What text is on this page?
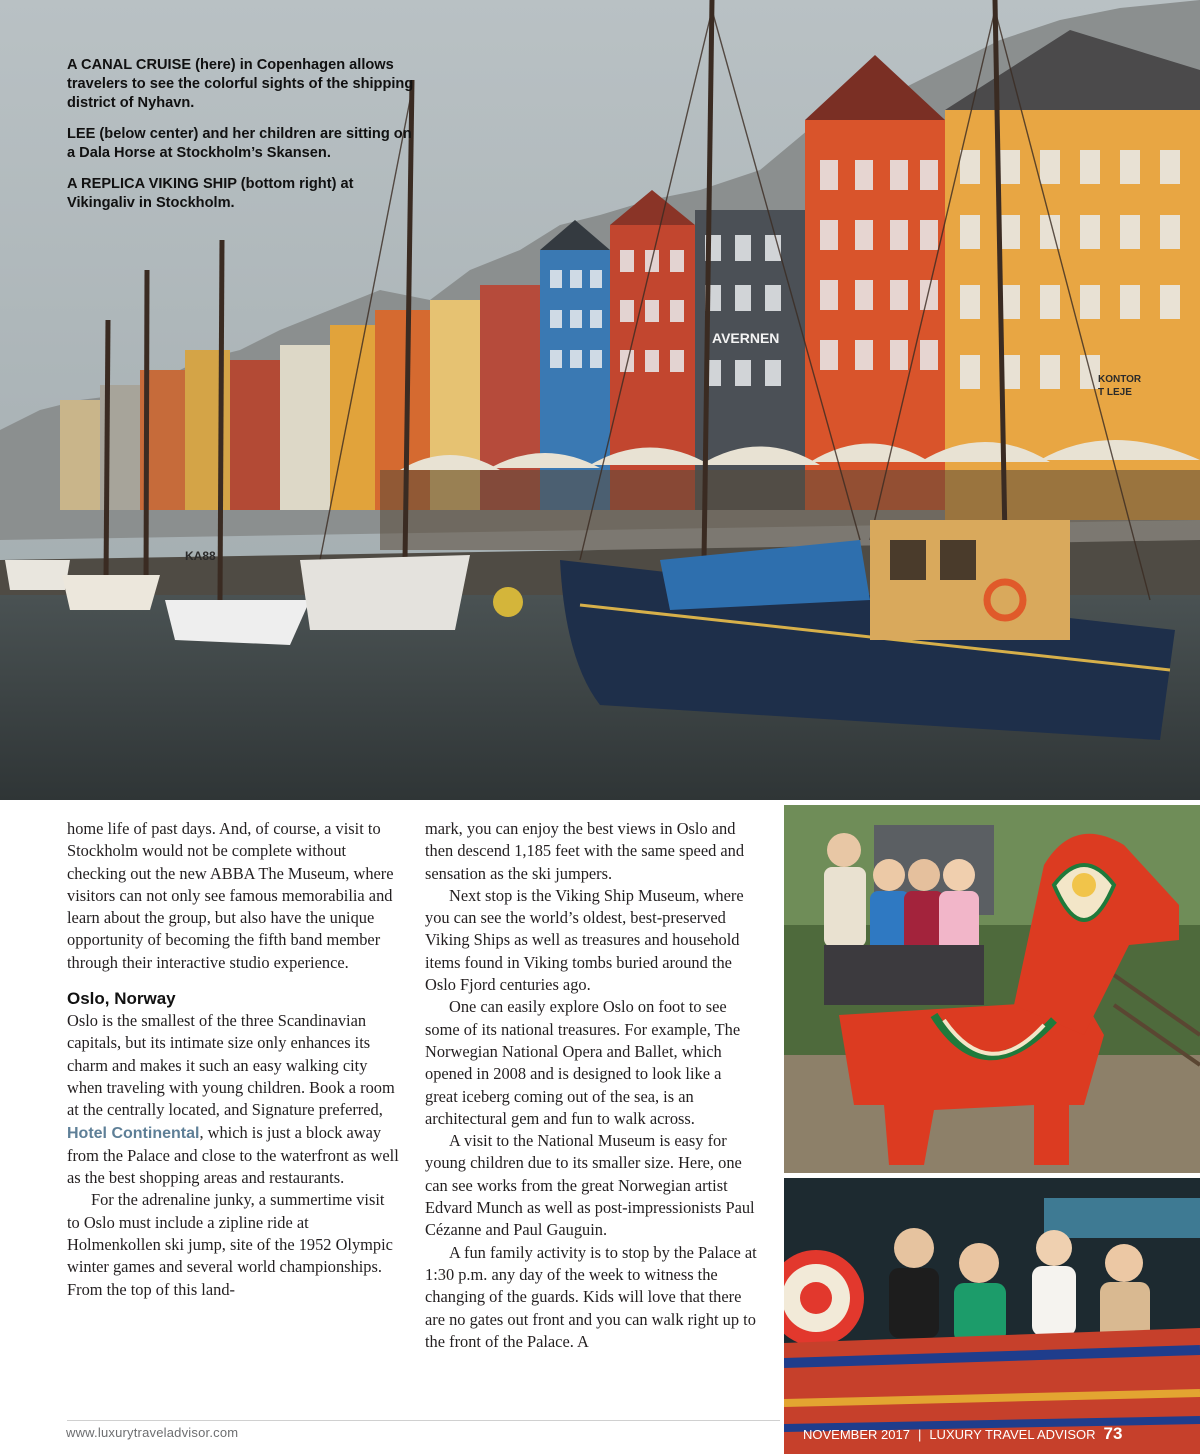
AVERNEN
KONTOR
T LEJE
KA88

A CANAL CRUISE (here) in Copenhagen allows travelers to see the colorful sights of the shipping district of Nyhavn.

LEE (below center) and her children are sitting on a Dala Horse at Stockholm’s Skansen.

A REPLICA VIKING SHIP (bottom right) at Vikingaliv in Stockholm.

home life of past days. And, of course, a visit to Stockholm would not be complete without checking out the new ABBA The Museum, where visitors can not only see famous memorabilia and learn about the group, but also have the unique opportunity of becoming the fifth band member through their interactive studio experience.

Oslo, Norway

Oslo is the smallest of the three Scandinavian capitals, but its intimate size only enhances its charm and makes it such an easy walking city when traveling with young children. Book a room at the centrally located, and Signature preferred, Hotel Continental, which is just a block away from the Palace and close to the waterfront as well as the best shopping areas and restaurants.

For the adrenaline junky, a summertime visit to Oslo must include a zipline ride at Holmenkollen ski jump, site of the 1952 Olympic winter games and several world championships. From the top of this land-

mark, you can enjoy the best views in Oslo and then descend 1,185 feet with the same speed and sensation as the ski jumpers.

Next stop is the Viking Ship Museum, where you can see the world’s oldest, best-preserved Viking Ships as well as treasures and household items found in Viking tombs buried around the Oslo Fjord centuries ago.

One can easily explore Oslo on foot to see some of its national treasures. For example, The Norwegian National Opera and Ballet, which opened in 2008 and is designed to look like a great iceberg coming out of the sea, is an architectural gem and fun to walk across.

A visit to the National Museum is easy for young children due to its smaller size. Here, one can see works from the great Norwegian artist Edvard Munch as well as post-impressionists Paul Cézanne and Paul Gauguin.

A fun family activity is to stop by the Palace at 1:30 p.m. any day of the week to witness the changing of the guards. Kids will love that there are no gates out front and you can walk right up to the front of the Palace. A

www.luxurytraveladvisor.com	NOVEMBER 2017 | LUXURY TRAVEL ADVISOR 73
